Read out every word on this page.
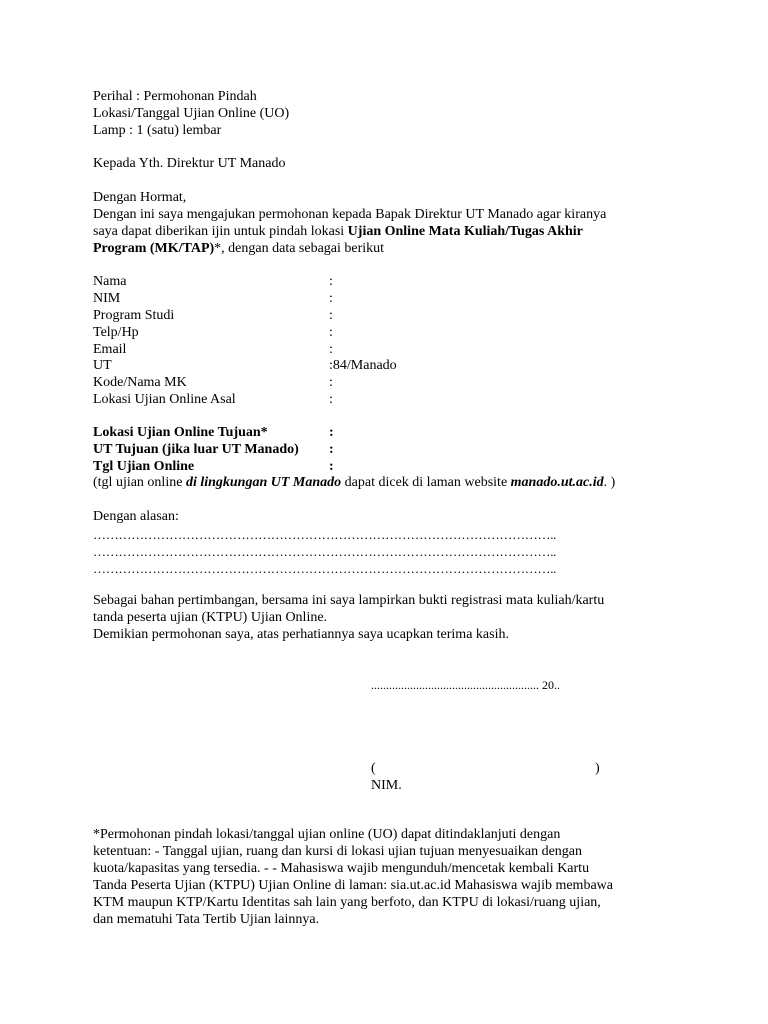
Perihal : Permohonan Pindah
Lokasi/Tanggal Ujian Online (UO)
Lamp : 1 (satu) lembar
Kepada Yth. Direktur UT Manado
Dengan Hormat,
Dengan ini saya mengajukan permohonan kepada Bapak Direktur UT Manado agar kiranya
saya dapat diberikan ijin untuk pindah lokasi Ujian Online Mata Kuliah/Tugas Akhir
Program (MK/TAP)*, dengan data sebagai berikut
Nama	:
NIM	:
Program Studi	:
Telp/Hp	:
Email	:
UT	:84/Manado
Kode/Nama MK	:
Lokasi Ujian Online Asal	:
Lokasi Ujian Online Tujuan*	:
UT Tujuan (jika luar UT Manado) :
Tgl Ujian Online	:
(tgl ujian online di lingkungan UT Manado dapat dicek di laman website manado.ut.ac.id. )
Dengan alasan:
………………………………………………………………………………………………..
………………………………………………………………………………………………..
………………………………………………………………………………………………..
Sebagai bahan pertimbangan, bersama ini saya lampirkan bukti registrasi mata kuliah/kartu
tanda peserta ujian (KTPU) Ujian Online.
Demikian permohonan saya, atas perhatiannya saya ucapkan terima kasih.
........................................................ 20..
(	)
NIM.
*Permohonan pindah lokasi/tanggal ujian online (UO) dapat ditindaklanjuti dengan
ketentuan: - Tanggal ujian, ruang dan kursi di lokasi ujian tujuan menyesuaikan dengan
kuota/kapasitas yang tersedia. - - Mahasiswa wajib mengunduh/mencetak kembali Kartu
Tanda Peserta Ujian (KTPU) Ujian Online di laman: sia.ut.ac.id Mahasiswa wajib membawa
KTM maupun KTP/Kartu Identitas sah lain yang berfoto, dan KTPU di lokasi/ruang ujian,
dan mematuhi Tata Tertib Ujian lainnya.
